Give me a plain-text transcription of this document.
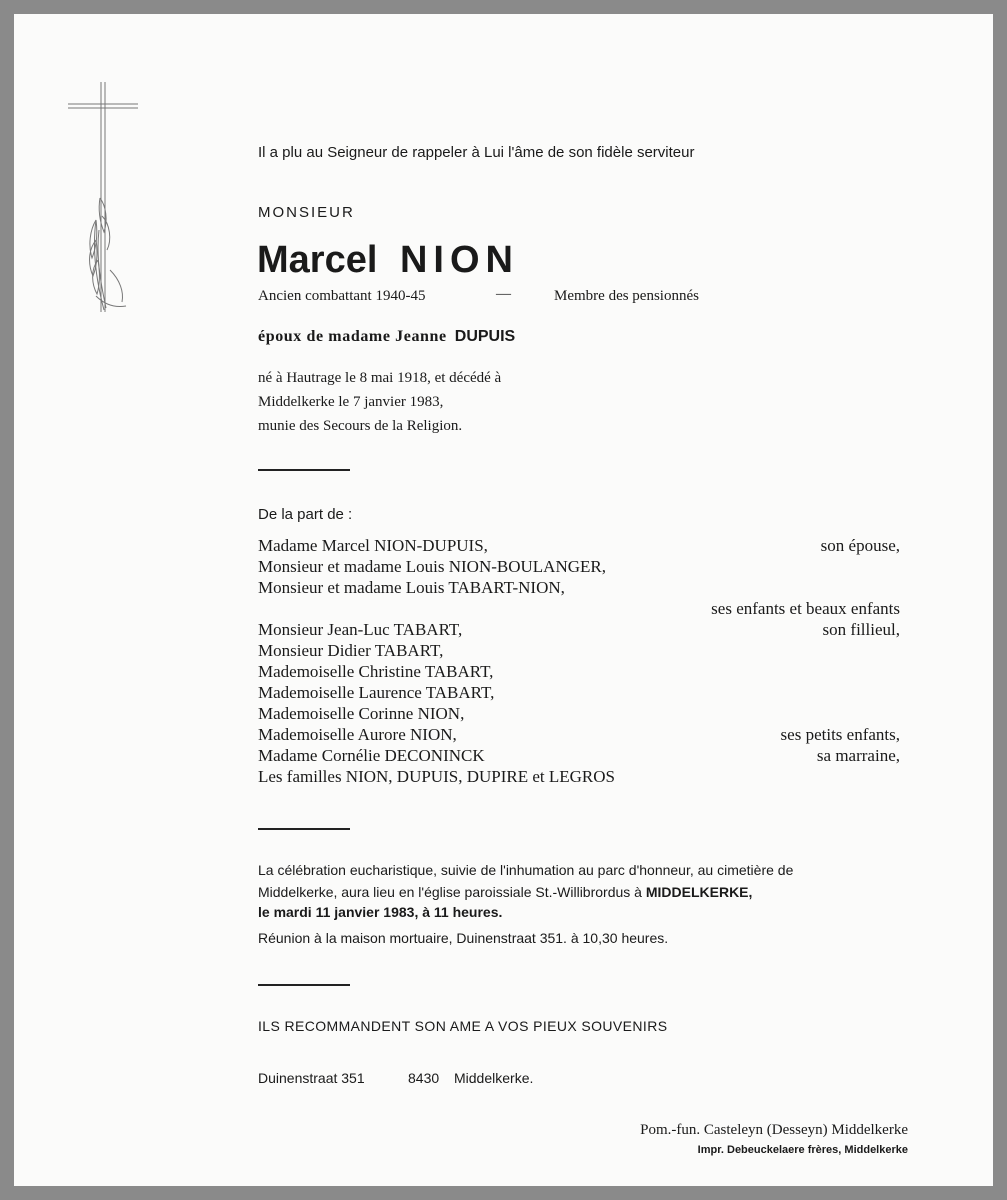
Il a plu au Seigneur de rappeler à Lui l'âme de son fidèle serviteur
MONSIEUR
Marcel NION
Ancien combattant 1940-45	—	Membre des pensionnés
époux de madame Jeanne DUPUIS
né à Hautrage le 8 mai 1918, et décédé à
Middelkerke le 7 janvier 1983,
munie des Secours de la Religion.
De la part de :
Madame Marcel NION-DUPUIS,	son épouse,
Monsieur et madame Louis NION-BOULANGER,
Monsieur et madame Louis TABART-NION,
ses enfants et beaux enfants
Monsieur Jean-Luc TABART,	son fillieul,
Monsieur Didier TABART,
Mademoiselle Christine TABART,
Mademoiselle Laurence TABART,
Mademoiselle Corinne NION,
Mademoiselle Aurore NION,	ses petits enfants,
Madame Cornélie DECONINCK	sa marraine,
Les familles NION, DUPUIS, DUPIRE et LEGROS
La célébration eucharistique, suivie de l'inhumation au parc d'honneur, au cimetière de
Middelkerke, aura lieu en l'église paroissiale St.-Willibrordus à MIDDELKERKE,
le mardi 11 janvier 1983, à 11 heures.
Réunion à la maison mortuaire, Duinenstraat 351. à 10,30 heures.
ILS RECOMMANDENT SON AME A VOS PIEUX SOUVENIRS
Duinenstraat 351	8430 Middelkerke.
Pom.-fun. Casteleyn (Desseyn) Middelkerke
Impr. Debeuckelaere frères, Middelkerke
